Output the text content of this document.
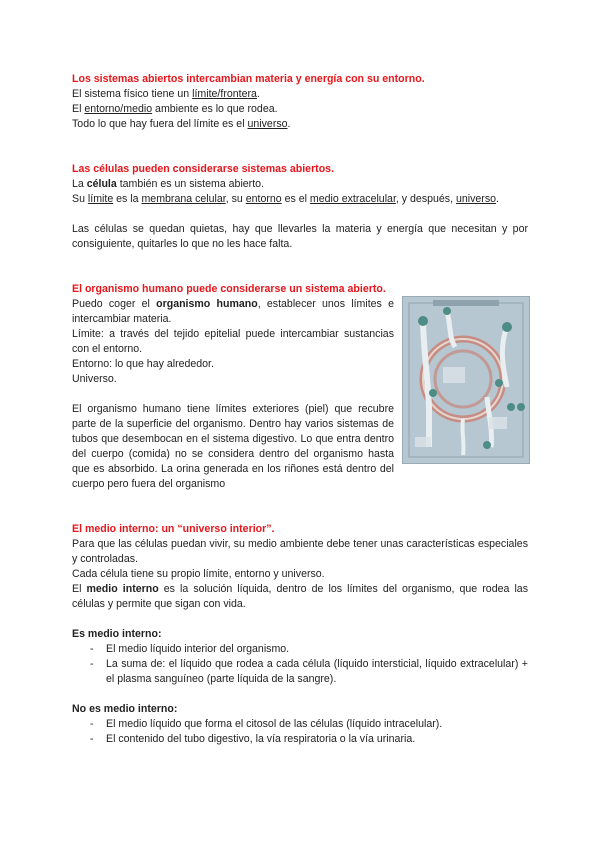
Los sistemas abiertos intercambian materia y energía con su entorno.

El sistema físico tiene un límite/frontera.

El entorno/medio ambiente es lo que rodea.

Todo lo que hay fuera del límite es el universo.

Las células pueden considerarse sistemas abiertos.

La célula también es un sistema abierto.

Su límite es la membrana celular, su entorno es el medio extracelular, y después, universo.

Las células se quedan quietas, hay que llevarles la materia y energía que necesitan y por consiguiente, quitarles lo que no les hace falta.

El organismo humano puede considerarse un sistema abierto.

Puedo coger el organismo humano, establecer unos límites e intercambiar materia.

Límite: a través del tejido epitelial puede intercambiar sustancias con el entorno.

Entorno: lo que hay alrededor.

Universo.

El organismo humano tiene límites exteriores (piel) que recubre parte de la superficie del organismo. Dentro hay varios sistemas de tubos que desembocan en el sistema digestivo. Lo que entra dentro del cuerpo (comida) no se considera dentro del organismo hasta que es absorbido. La orina generada en los riñones está dentro del cuerpo pero fuera del organismo

El medio interno: un “universo interior”.

Para que las células puedan vivir, su medio ambiente debe tener unas características especiales y controladas.

Cada célula tiene su propio límite, entorno y universo.

El medio interno es la solución líquida, dentro de los límites del organismo, que rodea las células y permite que sigan con vida.

Es medio interno:

- El medio líquido interior del organismo.
- La suma de: el líquido que rodea a cada célula (líquido intersticial, líquido extracelular) + el plasma sanguíneo (parte líquida de la sangre).

No es medio interno:

- El medio líquido que forma el citosol de las células (líquido intracelular).
- El contenido del tubo digestivo, la vía respiratoria o la vía urinaria.
